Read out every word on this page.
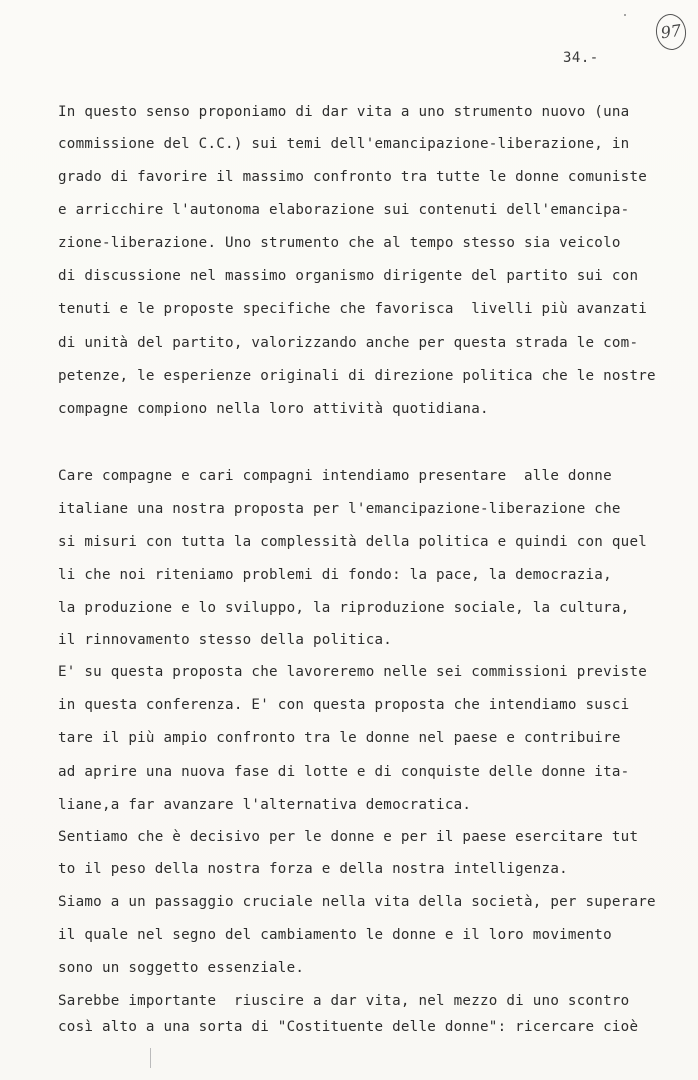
97
34.-
In questo senso proponiamo di dar vita a uno strumento nuovo (una
commissione del C.C.) sui temi dell'emancipazione-liberazione, in
grado di favorire il massimo confronto tra tutte le donne comuniste
e arricchire l'autonoma elaborazione sui contenuti dell'emancipa-
zione-liberazione. Uno strumento che al tempo stesso sia veicolo
di discussione nel massimo organismo dirigente del partito sui con
tenuti e le proposte specifiche che favorisca  livelli più avanzati
di unità del partito, valorizzando anche per questa strada le com-
petenze, le esperienze originali di direzione politica che le nostre
compagne compiono nella loro attività quotidiana.
Care compagne e cari compagni intendiamo presentare  alle donne
italiane una nostra proposta per l'emancipazione-liberazione che
si misuri con tutta la complessità della politica e quindi con quel
li che noi riteniamo problemi di fondo: la pace, la democrazia,
la produzione e lo sviluppo, la riproduzione sociale, la cultura,
il rinnovamento stesso della politica.
E' su questa proposta che lavoreremo nelle sei commissioni previste
in questa conferenza. E' con questa proposta che intendiamo susci
tare il più ampio confronto tra le donne nel paese e contribuire
ad aprire una nuova fase di lotte e di conquiste delle donne ita-
liane,a far avanzare l'alternativa democratica.
Sentiamo che è decisivo per le donne e per il paese esercitare tut
to il peso della nostra forza e della nostra intelligenza.
Siamo a un passaggio cruciale nella vita della società, per superare
il quale nel segno del cambiamento le donne e il loro movimento
sono un soggetto essenziale.
Sarebbe importante  riuscire a dar vita, nel mezzo di uno scontro
così alto a una sorta di "Costituente delle donne": ricercare cioè
